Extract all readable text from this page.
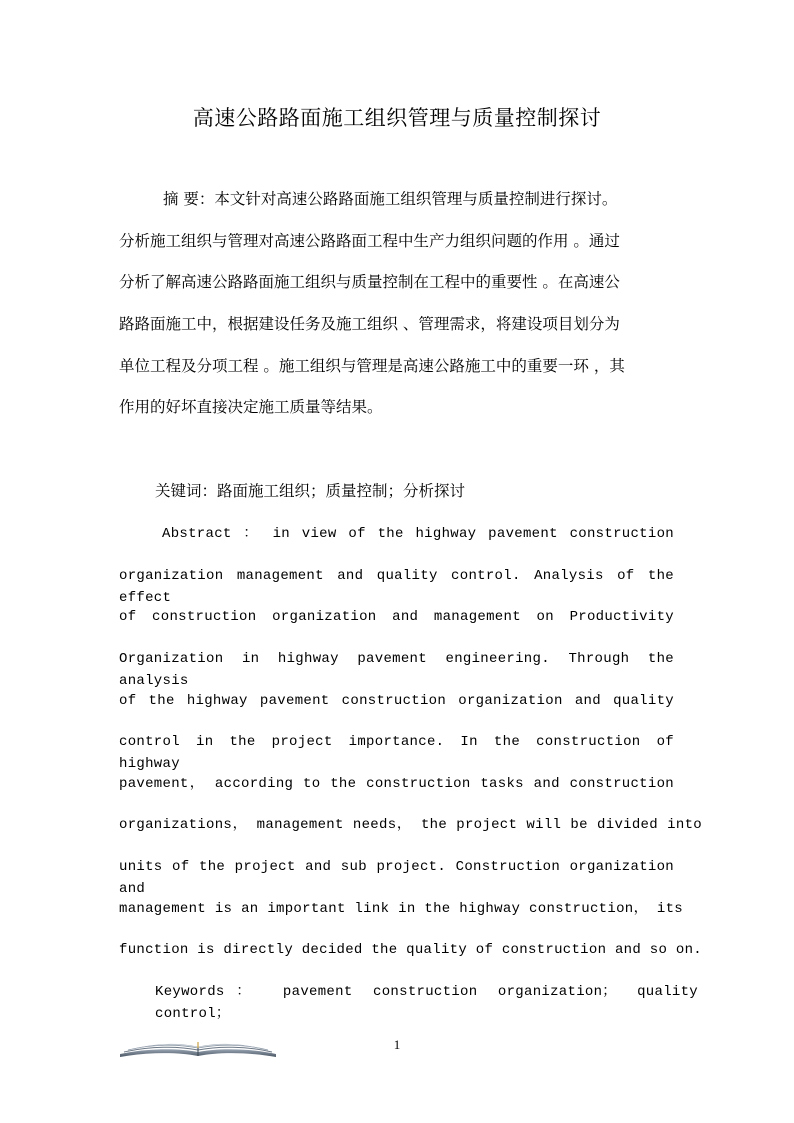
高速公路路面施工组织管理与质量控制探讨
摘 要：本文针对高速公路路面施工组织管理与质量控制进行探讨。
分析施工组织与管理对高速公路路面工程中生产力组织问题的作用 。通过
分析了解高速公路路面施工组织与质量控制在工程中的重要性 。在高速公
路路面施工中，根据建设任务及施工组织 、管理需求，将建设项目划分为
单位工程及分项工程 。施工组织与管理是高速公路施工中的重要一环 ，其
作用的好坏直接决定施工质量等结果。
关键词：路面施工组织；质量控制；分析探讨
Abstract ： in view of the highway pavement construction
organization management and quality control. Analysis of the effect
of construction organization and management on Productivity
Organization in highway pavement engineering. Through the analysis
of the highway pavement construction organization and quality
control in the project importance. In the construction of highway
pavement， according to the construction tasks and construction
organizations， management needs， the project will be divided into
units of the project and sub project. Construction organization and
management is an important link in the highway construction， its
function is directly decided the quality of construction and so on.
Keywords： pavement construction organization； quality control；
1
